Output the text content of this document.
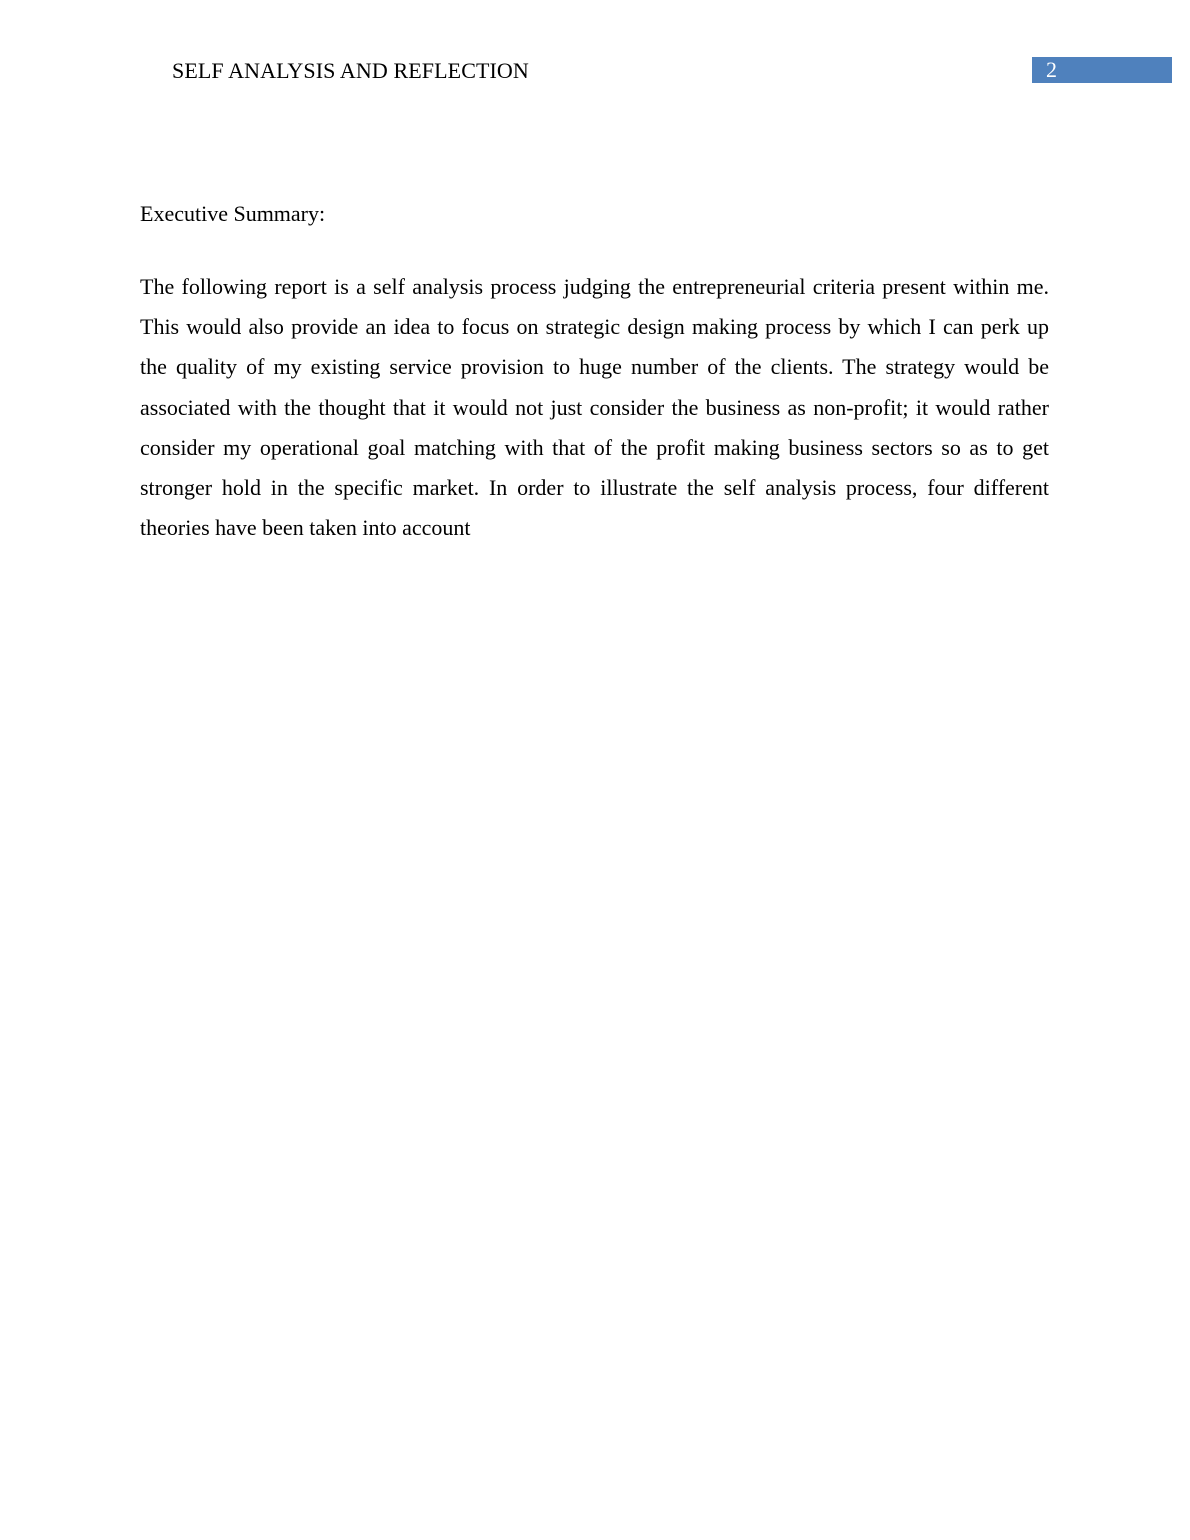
SELF ANALYSIS AND REFLECTION	2
Executive Summary:

The following report is a self analysis process judging the entrepreneurial criteria present within me. This would also provide an idea to focus on strategic design making process by which I can perk up the quality of my existing service provision to huge number of the clients. The strategy would be associated with the thought that it would not just consider the business as non-profit; it would rather consider my operational goal matching with that of the profit making business sectors so as to get stronger hold in the specific market. In order to illustrate the self analysis process, four different theories have been taken into account
